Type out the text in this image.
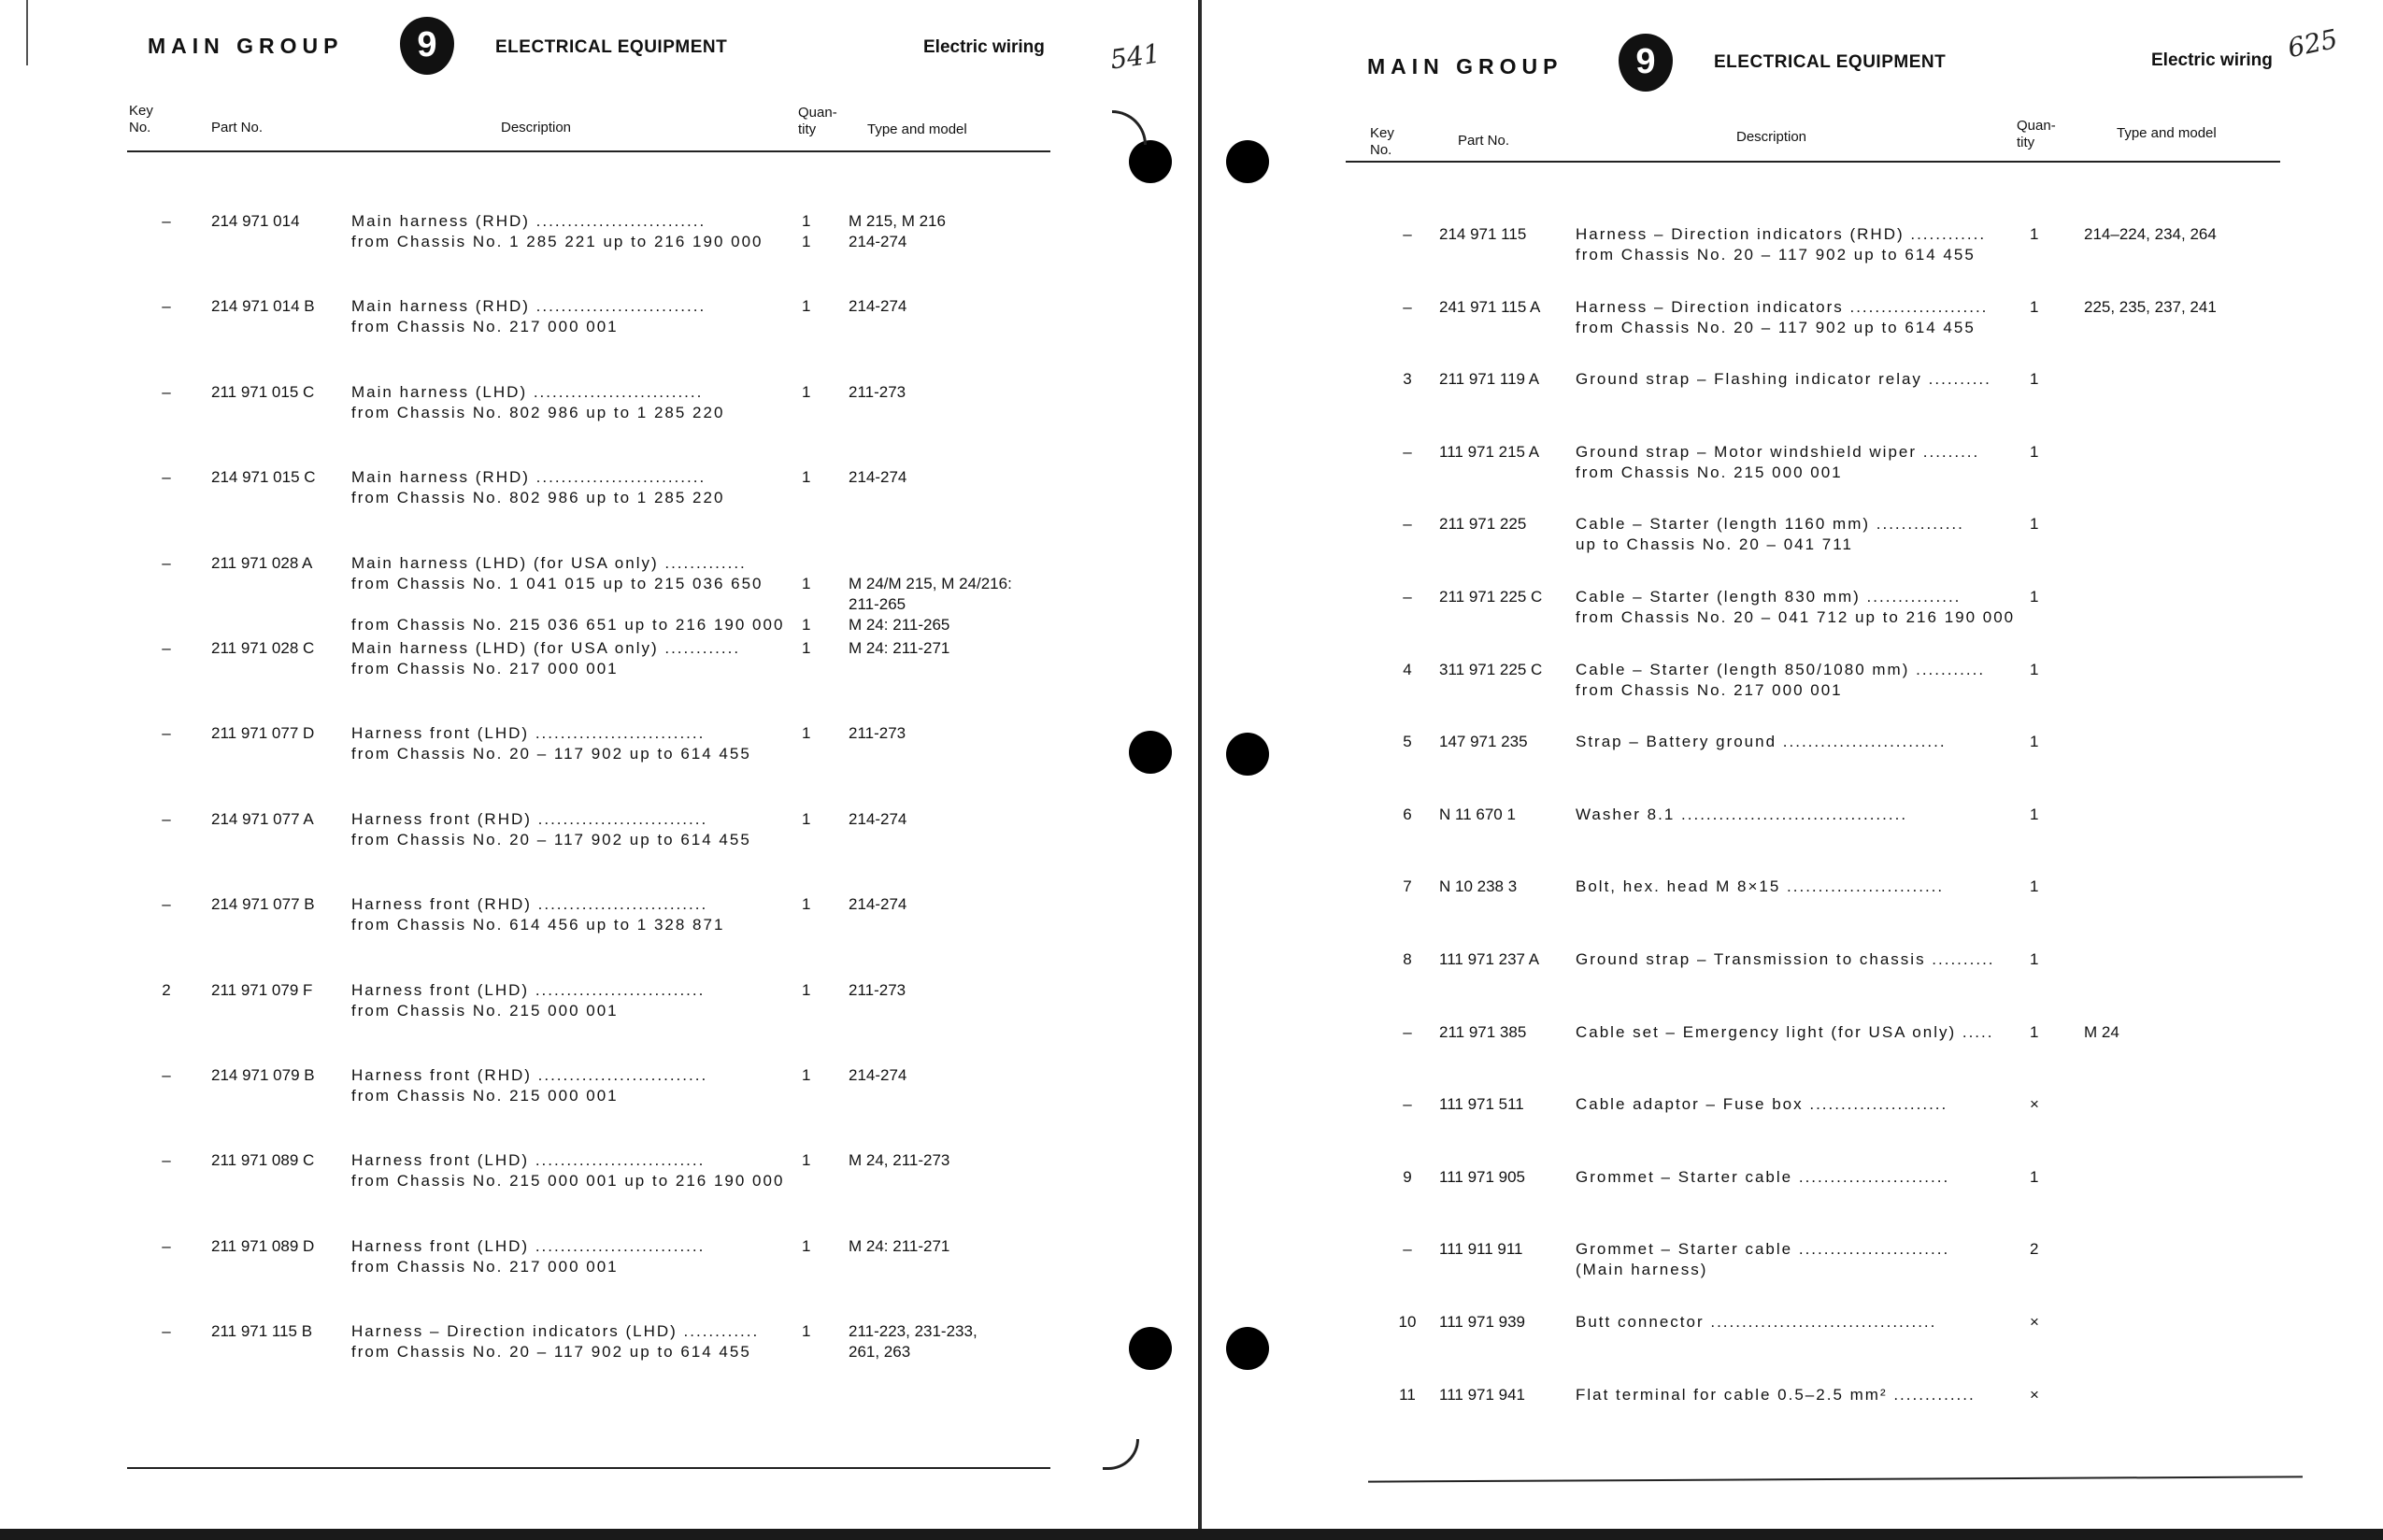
MAIN GROUP	9	ELECTRICAL EQUIPMENT	Electric wiring 541
Key
No.	Part No.	Description
Quan-
tity	Type and model
–	214 971 014	Main harness (RHD) ...........................	1 M 215, M 216
from Chassis No. 1 285 221 up to 216 190 000 1 214-274
–	214 971 014 B Main harness (RHD) ...........................	1 214-274
from Chassis No. 217 000 001
–	211 971 015 C Main harness (LHD) ...........................	1 211-273
from Chassis No. 802 986 up to 1 285 220
–	214 971 015 C Main harness (RHD) ...........................	1 214-274
from Chassis No. 802 986 up to 1 285 220
–	211 971 028 A Main harness (LHD) (for USA only) .............
from Chassis No. 1 041 015 up to 215 036 650 1 M 24/M 215, M 24/216:
211-265
from Chassis No. 215 036 651 up to 216 190 000 1 M 24: 211-265
–	211 971 028 C Main harness (LHD) (for USA only) ............	1 M 24: 211-271
from Chassis No. 217 000 001
–	211 971 077 D Harness front (LHD) ...........................	1 211-273
from Chassis No. 20 – 117 902 up to 614 455
–	214 971 077 A Harness front (RHD) ...........................	1 214-274
from Chassis No. 20 – 117 902 up to 614 455
–	214 971 077 B Harness front (RHD) ...........................	1 214-274
from Chassis No. 614 456 up to 1 328 871
2	211 971 079 F Harness front (LHD) ...........................	1 211-273
from Chassis No. 215 000 001
–	214 971 079 B Harness front (RHD) ...........................	1 214-274
from Chassis No. 215 000 001
–	211 971 089 C Harness front (LHD) ...........................	1 M 24, 211-273
from Chassis No. 215 000 001 up to 216 190 000
–	211 971 089 D Harness front (LHD) ...........................	1 M 24: 211-271
from Chassis No. 217 000 001
–	211 971 115 B Harness – Direction indicators (LHD) ............	1 211-223, 231-233,
from Chassis No. 20 – 117 902 up to 614 455	261, 263
MAIN GROUP	9	ELECTRICAL EQUIPMENT	Electric wiring 625
Key
No.
Part No.	Description
Quan-
tity
Type and model
–	214 971 115	Harness – Direction indicators (RHD) ............	1	214–224, 234, 264
from Chassis No. 20 – 117 902 up to 614 455
–	241 971 115 A Harness – Direction indicators ......................	1	225, 235, 237, 241
from Chassis No. 20 – 117 902 up to 614 455
3	211 971 119 A Ground strap – Flashing indicator relay .......... 1
–	111 971 215 A Ground strap – Motor windshield wiper .........	1
from Chassis No. 215 000 001
–	211 971 225	Cable – Starter (length 1160 mm) ..............	1
up to Chassis No. 20 – 041 711
–	211 971 225 C Cable – Starter (length 830 mm) ...............	1
from Chassis No. 20 – 041 712 up to 216 190 000
4	311 971 225 C Cable – Starter (length 850/1080 mm) ...........	1
from Chassis No. 217 000 001
5	147 971 235	Strap – Battery ground ..........................	1
6	N 11 670 1	Washer 8.1 ....................................	1
7	N 10 238 3	Bolt, hex. head M 8×15 .........................	1
8	111 971 237 A Ground strap – Transmission to chassis .......... 1
–	211 971 385	Cable set – Emergency light (for USA only) ..... 1	M 24
–	111 971 511	Cable adaptor – Fuse box ......................	×
9	111 971 905	Grommet – Starter cable ........................	1
–	111 911 911	Grommet – Starter cable ........................	2
(Main harness)
10	111 971 939	Butt connector ....................................	×
11	111 971 941	Flat terminal for cable 0.5–2.5 mm² .............	×
